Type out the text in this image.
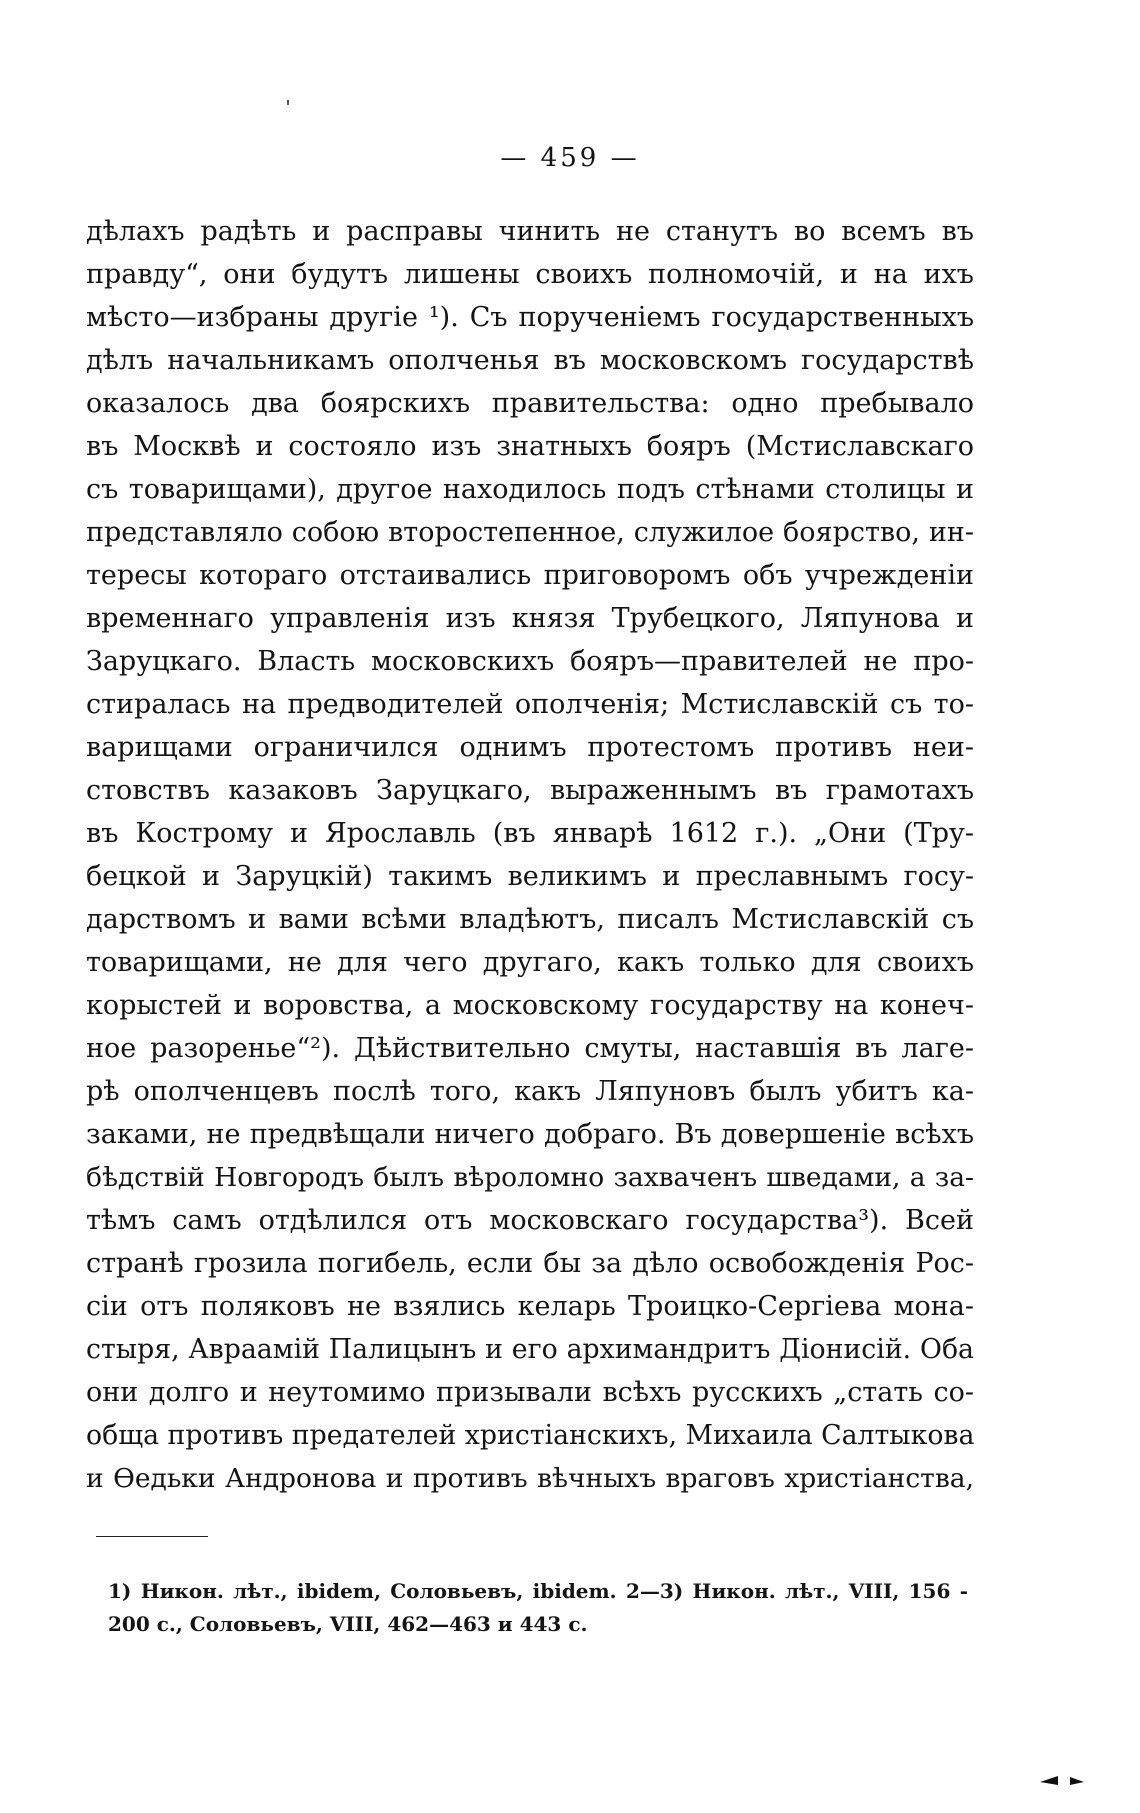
— 459 —
дѣлахъ радѣть и расправы чинить не станутъ во всемъ въ
правду“, они будутъ лишены своихъ полномочій, и на ихъ
мѣсто—избраны другіе ¹). Съ порученіемъ государственныхъ
дѣлъ начальникамъ ополченья въ московскомъ государствѣ
оказалось два боярскихъ правительства: одно пребывало
въ Москвѣ и состояло изъ знатныхъ бояръ (Мстиславскаго
съ товарищами), другое находилось подъ стѣнами столицы и
представляло собою второстепенное, служилое боярство, ин-
тересы котораго отстаивались приговоромъ объ учрежденіи
временнаго управленія изъ князя Трубецкого, Ляпунова и
Заруцкаго. Власть московскихъ бояръ—правителей не про-
стиралась на предводителей ополченія; Мстиславскій съ то-
варищами ограничился однимъ протестомъ противъ неи-
стовствъ казаковъ Заруцкаго, выраженнымъ въ грамотахъ
въ Кострому и Ярославль (въ январѣ 1612 г.). „Они (Тру-
бецкой и Заруцкій) такимъ великимъ и преславнымъ госу-
дарствомъ и вами всѣми владѣютъ, писалъ Мстиславскій съ
товарищами, не для чего другаго, какъ только для своихъ
корыстей и воровства, а московскому государству на конеч-
ное разоренье“²). Дѣйствительно смуты, наставшія въ лаге-
рѣ ополченцевъ послѣ того, какъ Ляпуновъ былъ убитъ ка-
заками, не предвѣщали ничего добраго. Въ довершеніе всѣхъ
бѣдствій Новгородъ былъ вѣроломно захваченъ шведами, а за-
тѣмъ самъ отдѣлился отъ московскаго государства³). Всей
странѣ грозила погибель, если бы за дѣло освобожденія Рос-
сіи отъ поляковъ не взялись келарь Троицко-Сергіева мона-
стыря, Авраамій Палицынъ и его архимандритъ Діонисій. Оба
они долго и неутомимо призывали всѣхъ русскихъ „стать со-
обща противъ предателей христіанскихъ, Михаила Салтыкова
и Ѳедьки Андронова и противъ вѣчныхъ враговъ христіанства,
1) Никон. лѣт., ibidem, Соловьевъ, ibidem. 2—3) Никон. лѣт., VIII, 156 -
200 с., Соловьевъ, VIII, 462—463 и 443 с.
